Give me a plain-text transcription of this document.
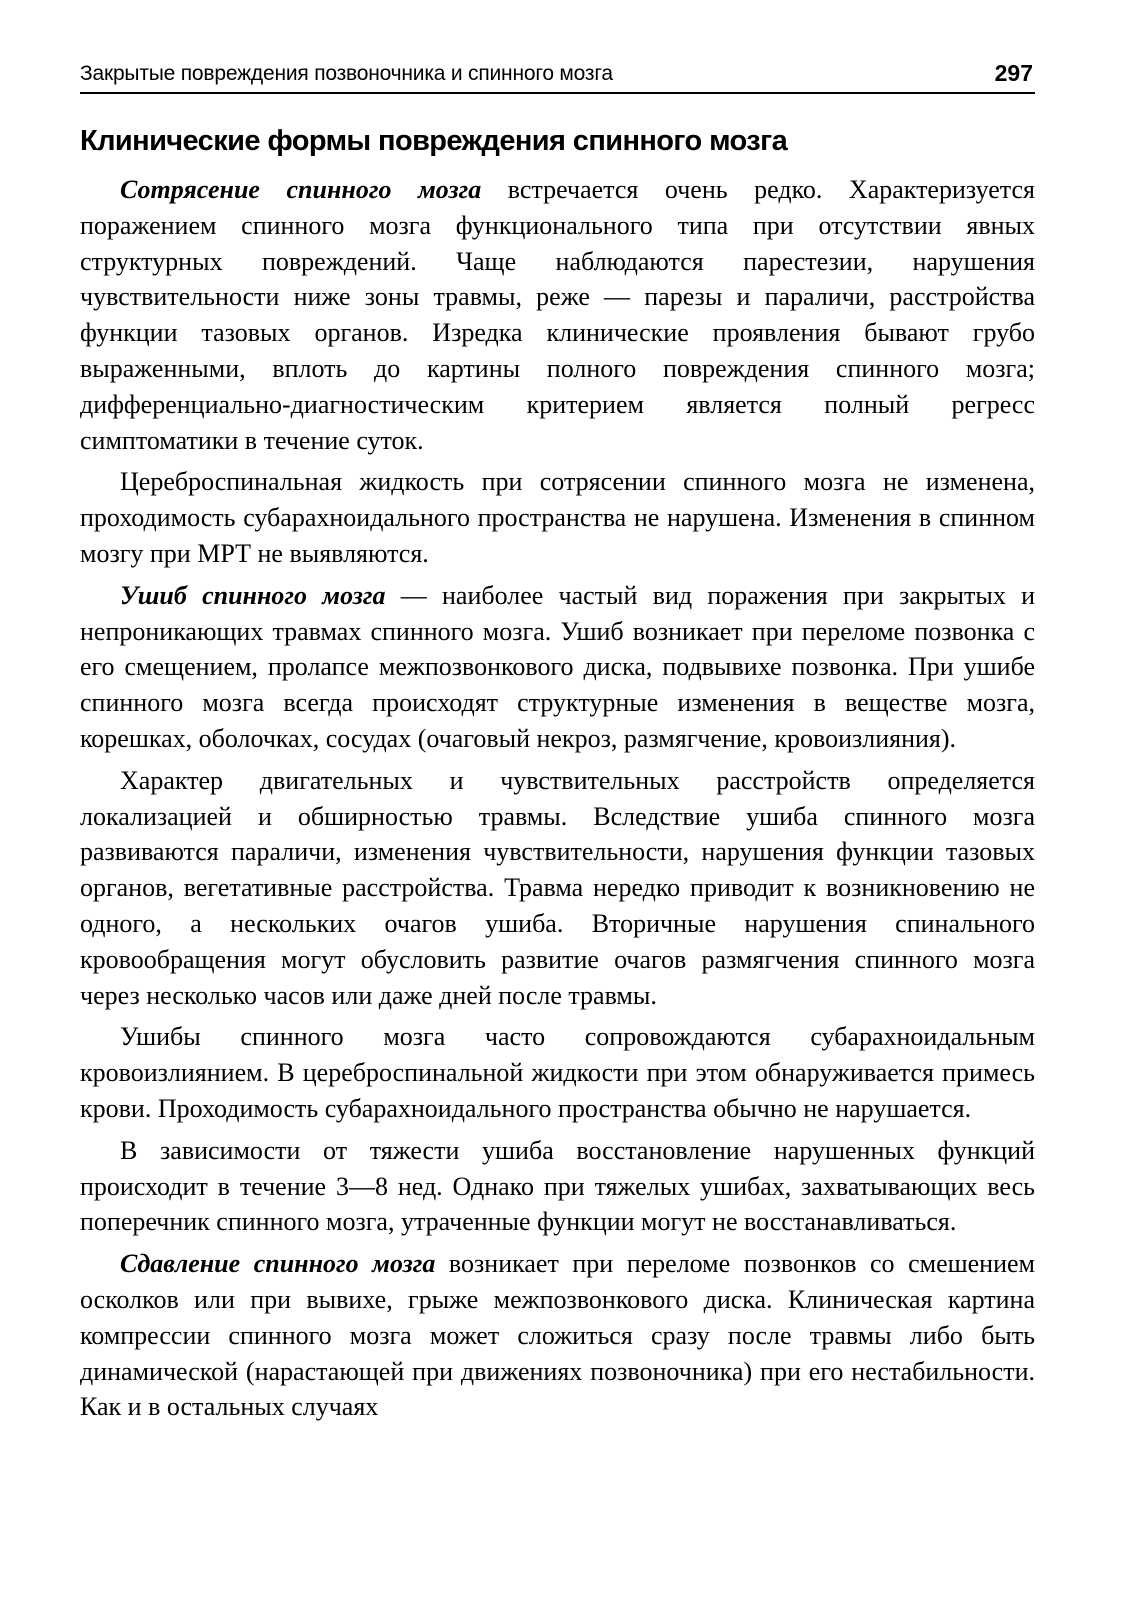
Закрытые повреждения позвоночника и спинного мозга	297
Клинические формы повреждения спинного мозга

Сотрясение спинного мозга встречается очень редко. Характеризуется поражением спинного мозга функционального типа при отсутствии явных структурных повреждений. Чаще наблюдаются парестезии, нарушения чувствительности ниже зоны травмы, реже — парезы и параличи, расстройства функции тазовых органов. Изредка клинические проявления бывают грубо выраженными, вплоть до картины полного повреждения спинного мозга; дифференциально-диагностическим критерием является полный регресс симптоматики в течение суток.

Цереброспинальная жидкость при сотрясении спинного мозга не изменена, проходимость субарахноидального пространства не нарушена. Изменения в спинном мозгу при МРТ не выявляются.

Ушиб спинного мозга — наиболее частый вид поражения при закрытых и непроникающих травмах спинного мозга. Ушиб возникает при переломе позвонка с его смещением, пролапсе межпозвонкового диска, подвывихе позвонка. При ушибе спинного мозга всегда происходят структурные изменения в веществе мозга, корешках, оболочках, сосудах (очаговый некроз, размягчение, кровоизлияния).

Характер двигательных и чувствительных расстройств определяется локализацией и обширностью травмы. Вследствие ушиба спинного мозга развиваются параличи, изменения чувствительности, нарушения функции тазовых органов, вегетативные расстройства. Травма нередко приводит к возникновению не одного, а нескольких очагов ушиба. Вторичные нарушения спинального кровообращения могут обусловить развитие очагов размягчения спинного мозга через несколько часов или даже дней после травмы.

Ушибы спинного мозга часто сопровождаются субарахноидальным кровоизлиянием. В цереброспинальной жидкости при этом обнаруживается примесь крови. Проходимость субарахноидального пространства обычно не нарушается.

В зависимости от тяжести ушиба восстановление нарушенных функций происходит в течение 3—8 нед. Однако при тяжелых ушибах, захватывающих весь поперечник спинного мозга, утраченные функции могут не восстанавливаться.

Сдавление спинного мозга возникает при переломе позвонков со смешением осколков или при вывихе, грыже межпозвонкового диска. Клиническая картина компрессии спинного мозга может сложиться сразу после травмы либо быть динамической (нарастающей при движениях позвоночника) при его нестабильности. Как и в остальных случаях
